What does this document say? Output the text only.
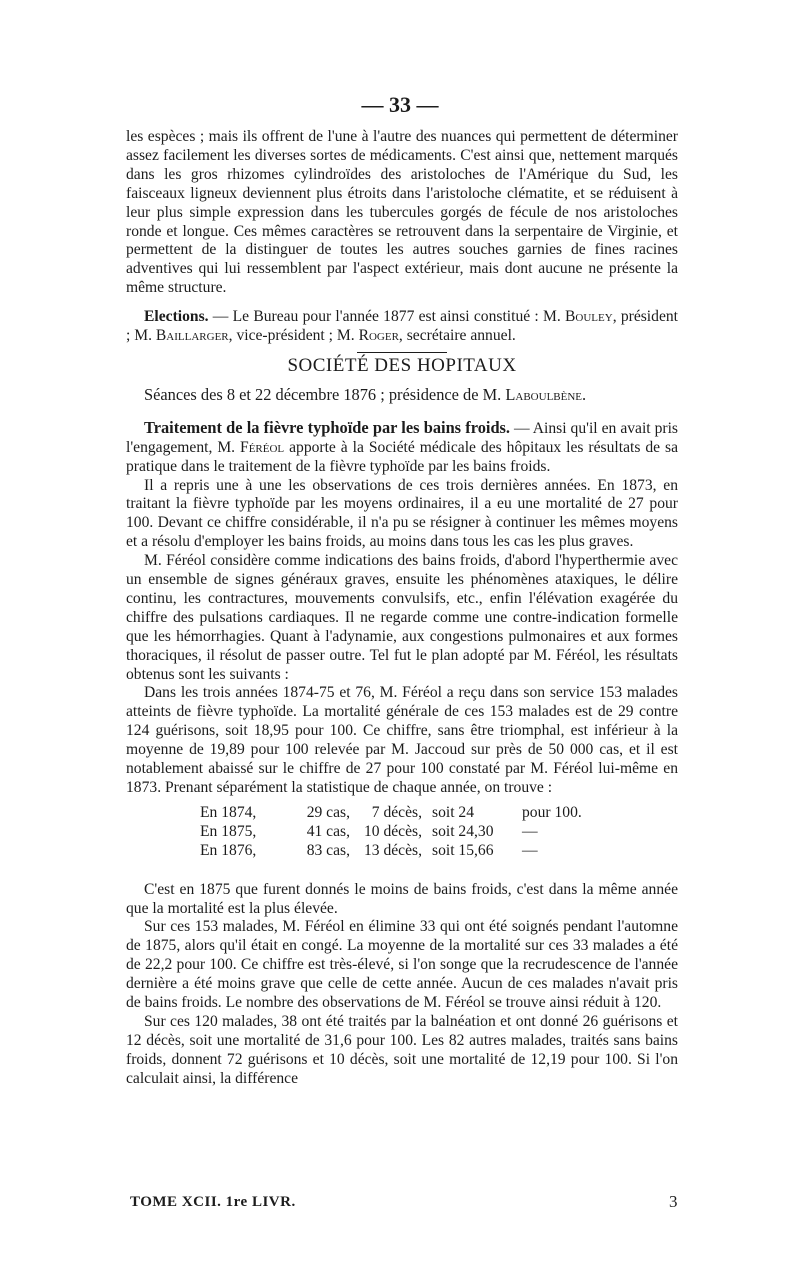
— 33 —

les espèces ; mais ils offrent de l'une à l'autre des nuances qui permettent de déterminer assez facilement les diverses sortes de médicaments. C'est ainsi que, nettement marqués dans les gros rhizomes cylindroïdes des aristoloches de l'Amérique du Sud, les faisceaux ligneux deviennent plus étroits dans l'aristoloche clématite, et se réduisent à leur plus simple expression dans les tubercules gorgés de fécule de nos aristoloches ronde et longue. Ces mêmes caractères se retrouvent dans la serpentaire de Virginie, et permettent de la distinguer de toutes les autres souches garnies de fines racines adventives qui lui ressemblent par l'aspect extérieur, mais dont aucune ne présente la même structure.

Elections. — Le Bureau pour l'année 1877 est ainsi constitué : M. Bouley, président ; M. Baillarger, vice-président ; M. Roger, secrétaire annuel.

SOCIÉTÉ DES HOPITAUX

Séances des 8 et 22 décembre 1876 ; présidence de M. Laboulbène.

Traitement de la fièvre typhoïde par les bains froids. — Ainsi qu'il en avait pris l'engagement, M. Féréol apporte à la Société médicale des hôpitaux les résultats de sa pratique dans le traitement de la fièvre typhoïde par les bains froids.

Il a repris une à une les observations de ces trois dernières années. En 1873, en traitant la fièvre typhoïde par les moyens ordinaires, il a eu une mortalité de 27 pour 100. Devant ce chiffre considérable, il n'a pu se résigner à continuer les mêmes moyens et a résolu d'employer les bains froids, au moins dans tous les cas les plus graves.

M. Féréol considère comme indications des bains froids, d'abord l'hyperthermie avec un ensemble de signes généraux graves, ensuite les phénomènes ataxiques, le délire continu, les contractures, mouvements convulsifs, etc., enfin l'élévation exagérée du chiffre des pulsations cardiaques. Il ne regarde comme une contre-indication formelle que les hémorrhagies. Quant à l'adynamie, aux congestions pulmonaires et aux formes thoraciques, il résolut de passer outre. Tel fut le plan adopté par M. Féréol, les résultats obtenus sont les suivants :

Dans les trois années 1874-75 et 76, M. Féréol a reçu dans son service 153 malades atteints de fièvre typhoïde. La mortalité générale de ces 153 malades est de 29 contre 124 guérisons, soit 18,95 pour 100. Ce chiffre, sans être triomphal, est inférieur à la moyenne de 19,89 pour 100 relevée par M. Jaccoud sur près de 50 000 cas, et il est notablement abaissé sur le chiffre de 27 pour 100 constaté par M. Féréol lui-même en 1873. Prenant séparément la statistique de chaque année, on trouve :

En 1874,	29 cas,	7 décès,	soit 24	pour 100.
En 1875,	41 cas,	10 décès,	soit 24,30	—
En 1876,	83 cas,	13 décès,	soit 15,66	—

C'est en 1875 que furent donnés le moins de bains froids, c'est dans la même année que la mortalité est la plus élevée.

Sur ces 153 malades, M. Féréol en élimine 33 qui ont été soignés pendant l'automne de 1875, alors qu'il était en congé. La moyenne de la mortalité sur ces 33 malades a été de 22,2 pour 100. Ce chiffre est très-élevé, si l'on songe que la recrudescence de l'année dernière a été moins grave que celle de cette année. Aucun de ces malades n'avait pris de bains froids. Le nombre des observations de M. Féréol se trouve ainsi réduit à 120.

Sur ces 120 malades, 38 ont été traités par la balnéation et ont donné 26 guérisons et 12 décès, soit une mortalité de 31,6 pour 100. Les 82 autres malades, traités sans bains froids, donnent 72 guérisons et 10 décès, soit une mortalité de 12,19 pour 100. Si l'on calculait ainsi, la différence

TOME XCII. 1re LIVR.	3
